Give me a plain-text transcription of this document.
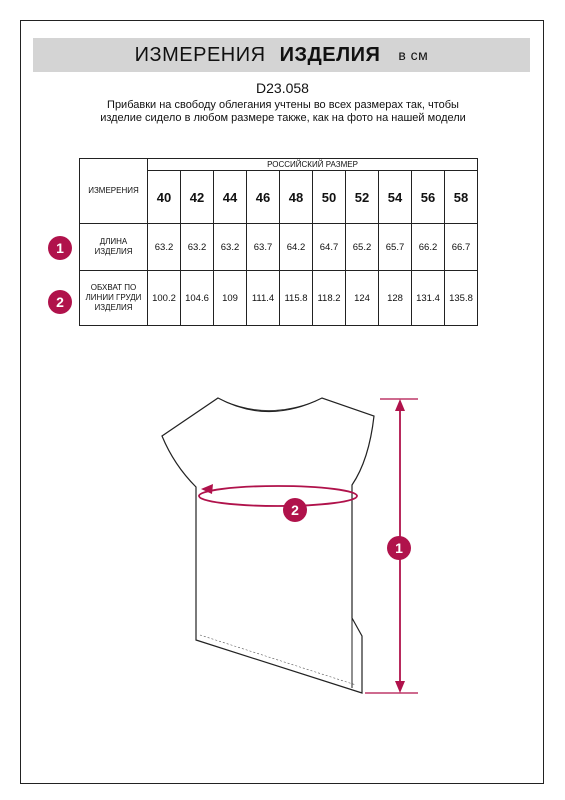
ИЗМЕРЕНИЯ ИЗДЕЛИЯ в см
D23.058
Прибавки на свободу облегания учтены во всех размерах так, чтобы изделие сидело в любом размере также, как на фото на нашей модели
ИЗМЕРЕНИЯ	РОССИЙСКИЙ РАЗМЕР									
	40	42	44	46	48	50	52	54	56	58
ДЛИНА ИЗДЕЛИЯ	63.2	63.2	63.2	63.7	64.2	64.7	65.2	65.7	66.2	66.7
ОБХВАТ ПО ЛИНИИ ГРУДИ ИЗДЕЛИЯ	100.2	104.6	109	111.4	115.8	118.2	124	128	131.4	135.8
1
2
2
1
